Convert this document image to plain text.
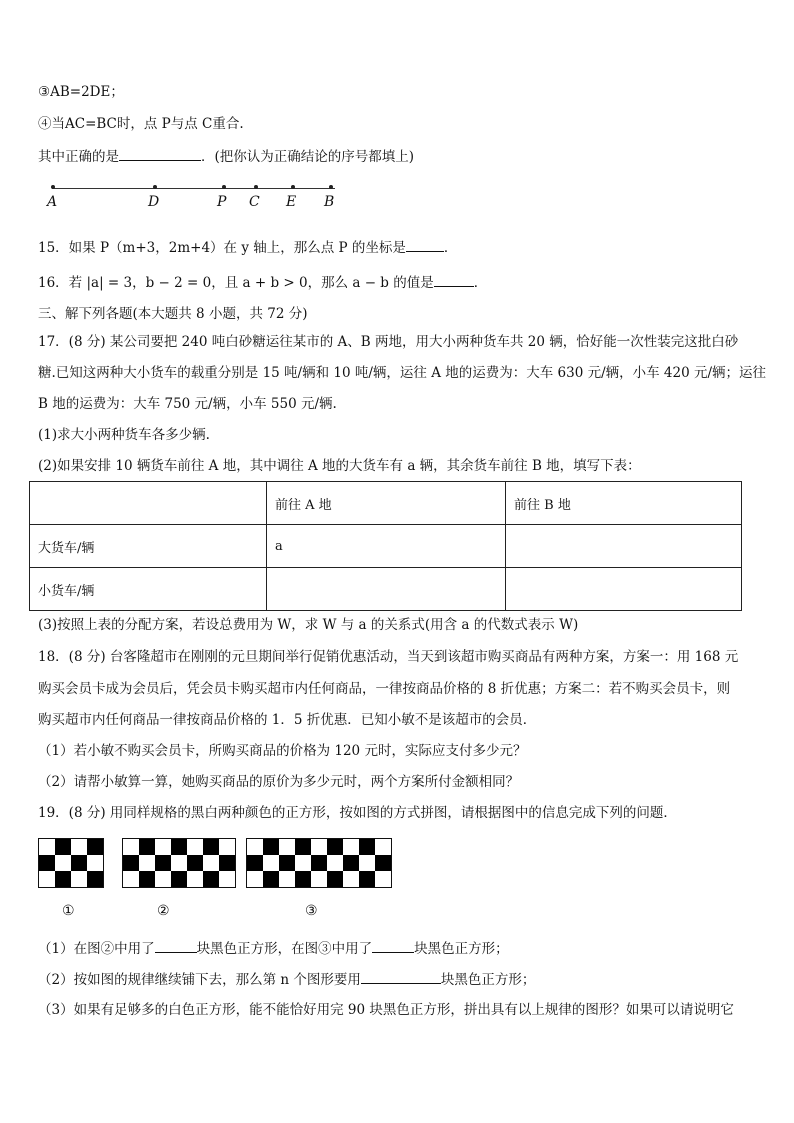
③AB=2DE；
④当AC=BC时，点 P与点 C重合.
其中正确的是	．(把你认为正确结论的序号都填上)
A	D	P C E B
15．如果 P（m+3，2m+4）在 y 轴上，那么点 P 的坐标是	．
16．若 |a| = 3，b − 2 = 0，且 a + b > 0，那么 a − b 的值是	．
三、解下列各题(本大题共 8 小题，共 72 分)
17．(8 分) 某公司要把 240 吨白砂糖运往某市的 A、B 两地，用大小两种货车共 20 辆，恰好能一次性装完这批白砂
糖.已知这两种大小货车的载重分别是 15 吨/辆和 10 吨/辆，运往 A 地的运费为：大车 630 元/辆，小车 420 元/辆；运往
B 地的运费为：大车 750 元/辆，小车 550 元/辆.
(1)求大小两种货车各多少辆.
(2)如果安排 10 辆货车前往 A 地，其中调往 A 地的大货车有 a 辆，其余货车前往 B 地，填写下表：
	前往 A 地	前往 B 地
大货车/辆	a	
小货车/辆		
(3)按照上表的分配方案，若设总费用为 W，求 W 与 a 的关系式(用含 a 的代数式表示 W)
18．(8 分) 台客隆超市在刚刚的元旦期间举行促销优惠活动，当天到该超市购买商品有两种方案，方案一：用 168 元
购买会员卡成为会员后，凭会员卡购买超市内任何商品，一律按商品价格的 8 折优惠；方案二：若不购买会员卡，则
购买超市内任何商品一律按商品价格的 1．5 折优惠．已知小敏不是该超市的会员．
（1）若小敏不购买会员卡，所购买商品的价格为 120 元时，实际应支付多少元？
（2）请帮小敏算一算，她购买商品的原价为多少元时，两个方案所付金额相同？
19．(8 分) 用同样规格的黑白两种颜色的正方形，按如图的方式拼图，请根据图中的信息完成下列的问题．
①	②	③
（1）在图②中用了	块黑色正方形，在图③中用了	块黑色正方形；
（2）按如图的规律继续铺下去，那么第 n 个图形要用	块黑色正方形；
（3）如果有足够多的白色正方形，能不能恰好用完 90 块黑色正方形，拼出具有以上规律的图形？如果可以请说明它
